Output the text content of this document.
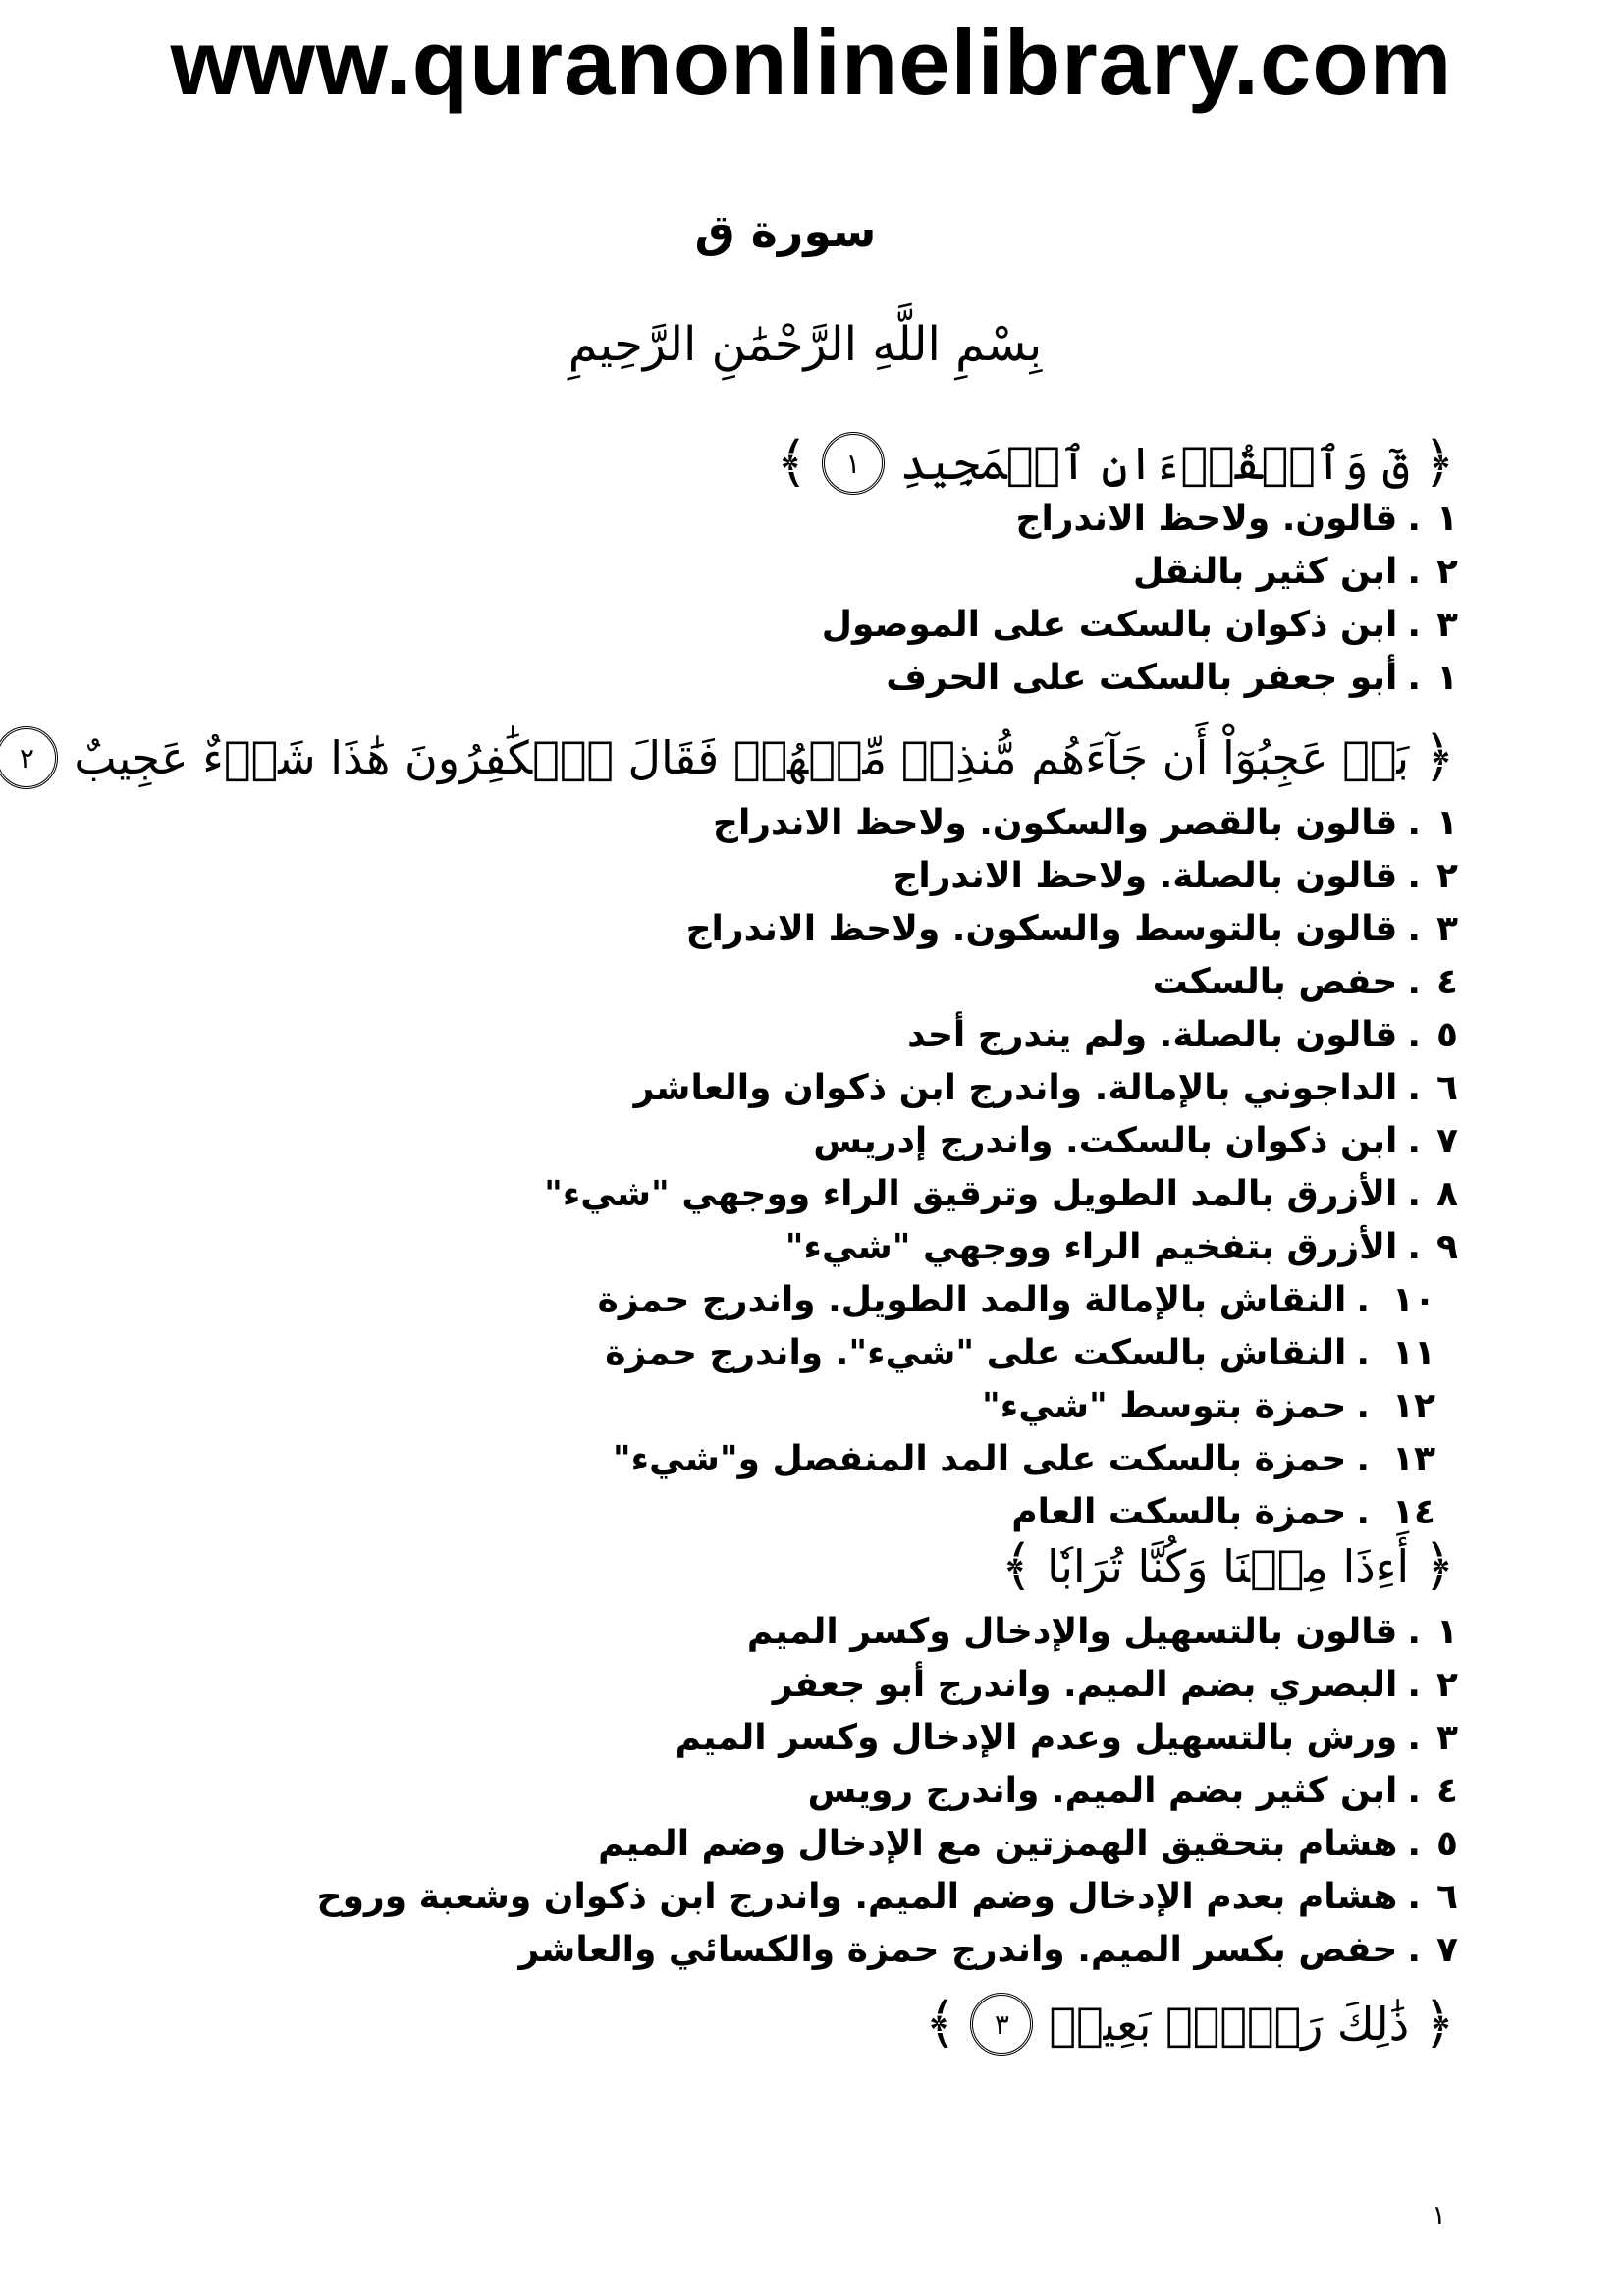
www.quranonlinelibrary.com
سورة ق
بِسْمِ اللَّهِ الرَّحْمَٰنِ الرَّحِيمِ
﴿
قٓ وَٱلۡقُرۡءَانِ ٱلۡمَجِيدِ
١
﴾
١
.
قالون. ولاحظ الاندراج
٢
.
ابن كثير بالنقل
٣
.
ابن ذكوان بالسكت على الموصول
١
.
أبو جعفر بالسكت على الحرف
﴿
بَلۡ عَجِبُوٓاْ أَن جَآءَهُم مُّنذِرٞ مِّنۡهُمۡ فَقَالَ ٱلۡكَٰفِرُونَ هَٰذَا شَيۡءٌ عَجِيبٌ
٢
١
.
قالون بالقصر والسكون. ولاحظ الاندراج
٢
.
قالون بالصلة. ولاحظ الاندراج
٣
.
قالون بالتوسط والسكون. ولاحظ الاندراج
٤
.
حفص بالسكت
٥
.
قالون بالصلة. ولم يندرج أحد
٦
.
الداجوني بالإمالة. واندرج ابن ذكوان والعاشر
٧
.
ابن ذكوان بالسكت. واندرج إدريس
٨
.
الأزرق بالمد الطويل وترقيق الراء ووجهي "شيء"
٩
.
الأزرق بتفخيم الراء ووجهي "شيء"
١٠
.
النقاش بالإمالة والمد الطويل. واندرج حمزة
١١
.
النقاش بالسكت على "شيء". واندرج حمزة
١٢
.
حمزة بتوسط "شيء"
١٣
.
حمزة بالسكت على المد المنفصل و"شيء"
١٤
.
حمزة بالسكت العام
﴿
أَءِذَا مِتۡنَا وَكُنَّا تُرَابٗا
﴾
١
.
قالون بالتسهيل والإدخال وكسر الميم
٢
.
البصري بضم الميم. واندرج أبو جعفر
٣
.
ورش بالتسهيل وعدم الإدخال وكسر الميم
٤
.
ابن كثير بضم الميم. واندرج رويس
٥
.
هشام بتحقيق الهمزتين مع الإدخال وضم الميم
٦
.
هشام بعدم الإدخال وضم الميم. واندرج ابن ذكوان وشعبة وروح
٧
.
حفص بكسر الميم. واندرج حمزة والكسائي والعاشر
﴿
ذَٰلِكَ رَجۡعُۢ بَعِيدٞ
٣
﴾
١
